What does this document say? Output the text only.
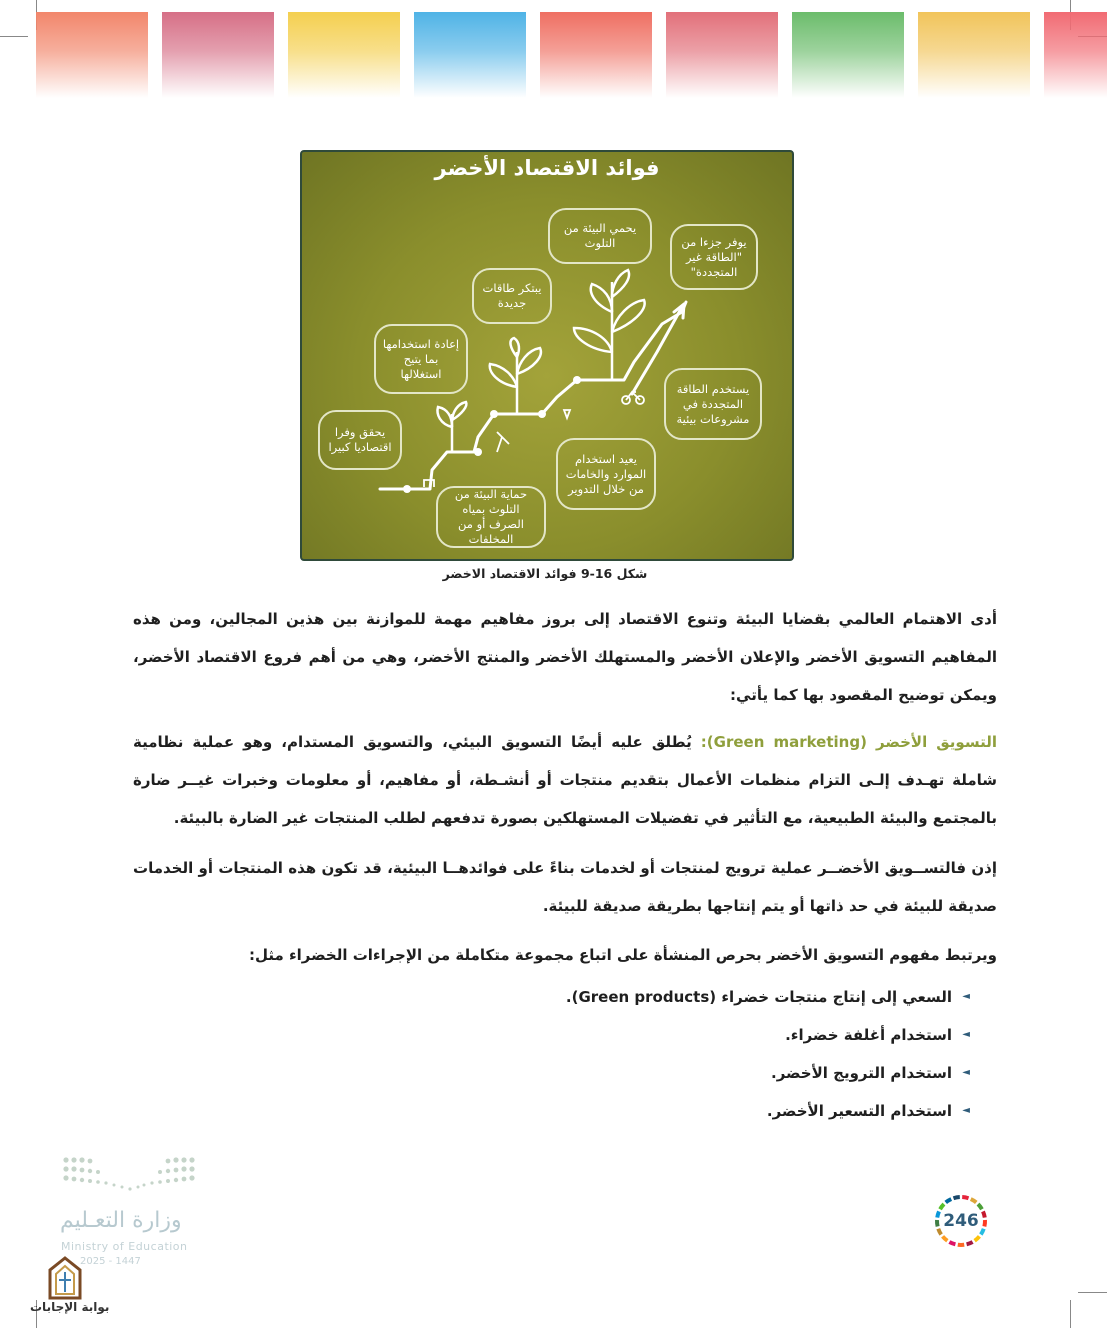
فوائد الاقتصاد الأخضر
يحمي البيئة من التلوث	يوفر جزءا من "الطاقة غير المتجددة"
يبتكر طاقات جديدة
إعادة استخدامها بما يتيح استغلالها
يستخدم الطاقة المتجددة في مشروعات بيئية
يحقق وفرا اقتصاديا كبيرا
يعيد استخدام الموارد والخامات من خلال التدوير
حماية البيئة من التلوث بمياه الصرف أو من المخلفات
شكل 16-9 فوائد الاقتصاد الاخضر
أدى الاهتمام العالمي بقضايا البيئة وتنوع الاقتصاد إلى بروز مفاهيم مهمة للموازنة بين هذين المجالين، ومن هذه المفاهيم التسويق الأخضر والإعلان الأخضر والمستهلك الأخضر والمنتج الأخضر، وهي من أهم فروع الاقتصاد الأخضر، ويمكن توضيح المقصود بها كما يأتي:
التسويق الأخضر (Green marketing): يُطلق عليه أيضًا التسويق البيئي، والتسويق المستدام، وهو عملية نظامية شاملة تهـدف إلـى التزام منظمات الأعمال بتقديم منتجات أو أنشـطة، أو مفاهيم، أو معلومات وخبرات غيــر ضارة بالمجتمع والبيئة الطبيعية، مع التأثير في تفضيلات المستهلكين بصورة تدفعهم لطلب المنتجات غير الضارة بالبيئة.
إذن فالتســويق الأخضــر عملية ترويج لمنتجات أو لخدمات بناءً على فوائدهــا البيئية، قد تكون هذه المنتجات أو الخدمات صديقة للبيئة في حد ذاتها أو يتم إنتاجها بطريقة صديقة للبيئة.
ويرتبط مفهوم التسويق الأخضر بحرص المنشأة على اتباع مجموعة متكاملة من الإجراءات الخضراء مثل:
◄
السعي إلى إنتاج منتجات خضراء (Green products).
◄
استخدام أغلفة خضراء.
◄
استخدام الترويج الأخضر.
◄
استخدام التسعير الأخضر.
وزارة التعـليم
Ministry of Education
2025 - 1447
246
بوابة الإجابات
